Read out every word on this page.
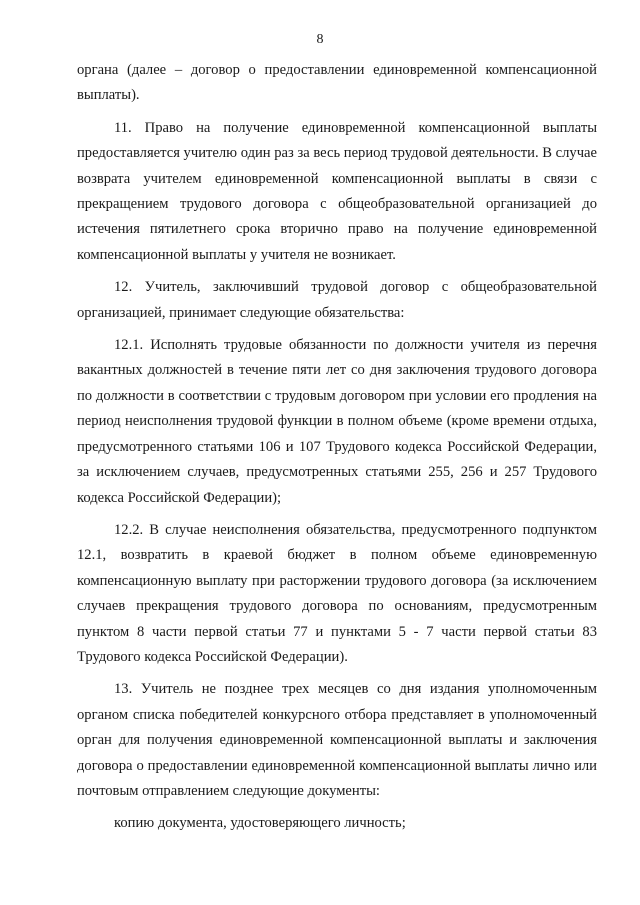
8

органа (далее – договор о предоставлении единовременной компенсационной выплаты).

11. Право на получение единовременной компенсационной выплаты предоставляется учителю один раз за весь период трудовой деятельности. В случае возврата учителем единовременной компенсационной выплаты в связи с прекращением трудового договора с общеобразовательной организацией до истечения пятилетнего срока вторично право на получение единовременной компенсационной выплаты у учителя не возникает.

12. Учитель, заключивший трудовой договор с общеобразовательной организацией, принимает следующие обязательства:

12.1. Исполнять трудовые обязанности по должности учителя из перечня вакантных должностей в течение пяти лет со дня заключения трудового договора по должности в соответствии с трудовым договором при условии его продления на период неисполнения трудовой функции в полном объеме (кроме времени отдыха, предусмотренного статьями 106 и 107 Трудового кодекса Российской Федерации, за исключением случаев, предусмотренных статьями 255, 256 и 257 Трудового кодекса Российской Федерации);

12.2. В случае неисполнения обязательства, предусмотренного подпунктом 12.1, возвратить в краевой бюджет в полном объеме единовременную компенсационную выплату при расторжении трудового договора (за исключением случаев прекращения трудового договора по основаниям, предусмотренным пунктом 8 части первой статьи 77 и пунктами 5 - 7 части первой статьи 83 Трудового кодекса Российской Федерации).

13. Учитель не позднее трех месяцев со дня издания уполномоченным органом списка победителей конкурсного отбора представляет в уполномоченный орган для получения единовременной компенсационной выплаты и заключения договора о предоставлении единовременной компенсационной выплаты лично или почтовым отправлением следующие документы:

копию документа, удостоверяющего личность;
